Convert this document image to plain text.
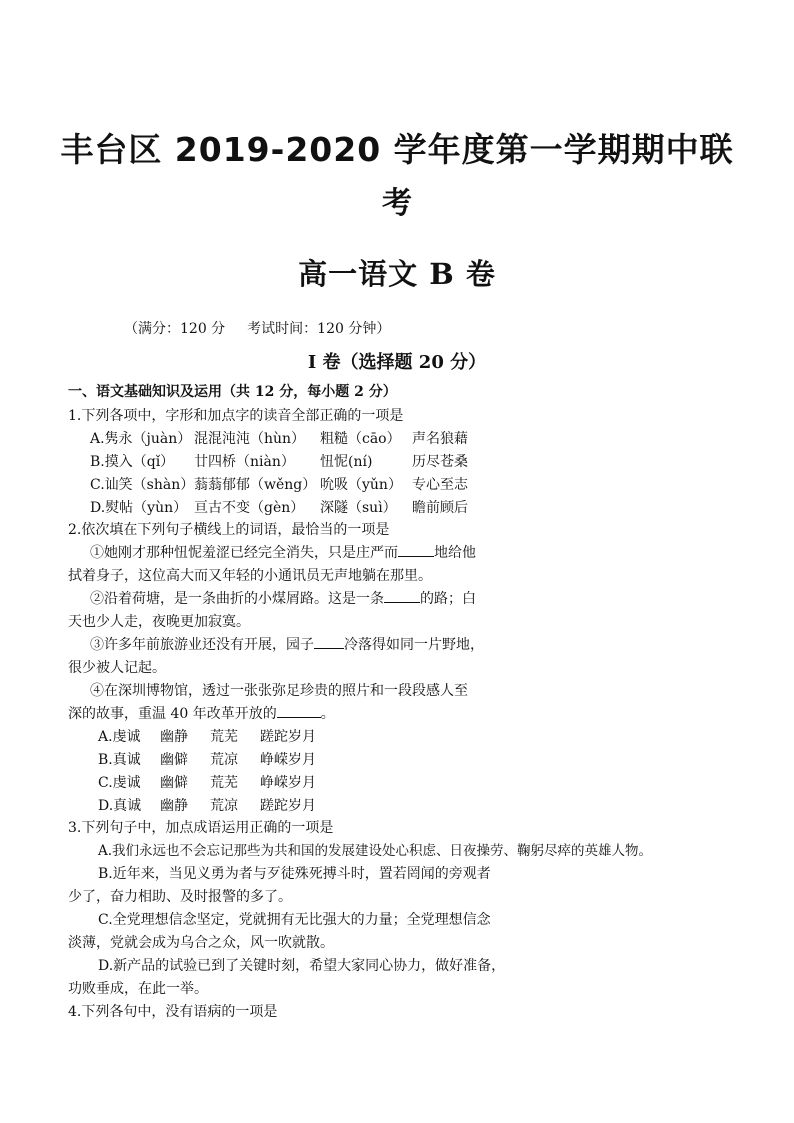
丰台区 2019-2020 学年度第一学期期中联
考
高一语文 B 卷
（满分：120 分 考试时间：120 分钟）
I 卷（选择题 20 分）
一、语文基础知识及运用（共 12 分，每小题 2 分）
1.下列各项中，字形和加点字的读音全部正确的一项是
A.隽永（juàn） 混混沌沌（hùn） 粗糙（cāo） 声名狼藉
B.摸入（qǐ） 廿四桥（niàn） 忸怩(ní)	历尽苍桑
C.讪笑（shàn） 蓊蓊郁郁（wěng） 吮吸（yǔn） 专心至志
D.熨帖（yùn） 亘古不变（gèn） 深隧（suì） 瞻前顾后
2.依次填在下列句子横线上的词语，最恰当的一项是
①她刚才那种忸怩羞涩已经完全消失，只是庄严而	地给他
拭着身子，这位高大而又年轻的小通讯员无声地躺在那里。
②沿着荷塘，是一条曲折的小煤屑路。这是一条	的路；白
天也少人走，夜晚更加寂寞。
③许多年前旅游业还没有开展，园子 冷落得如同一片野地，
很少被人记起。
④在深圳博物馆，透过一张张弥足珍贵的照片和一段段感人至
深的故事，重温 40 年改革开放的	。
A.虔诚 幽静 荒芜 蹉跎岁月
B.真诚 幽僻 荒凉 峥嵘岁月
C.虔诚 幽僻 荒芜 峥嵘岁月
D.真诚 幽静 荒凉 蹉跎岁月
3.下列句子中，加点成语运用正确的一项是
A.我们永远也不会忘记那些为共和国的发展建设处心积虑、日夜操劳、鞠躬尽瘁的英雄人物。
B.近年来，当见义勇为者与歹徒殊死搏斗时，置若罔闻的旁观者
少了，奋力相助、及时报警的多了。
C.全党理想信念坚定，党就拥有无比强大的力量；全党理想信念
淡薄，党就会成为乌合之众，风一吹就散。
D.新产品的试验已到了关键时刻，希望大家同心协力，做好准备，
功败垂成，在此一举。
4.下列各句中，没有语病的一项是
